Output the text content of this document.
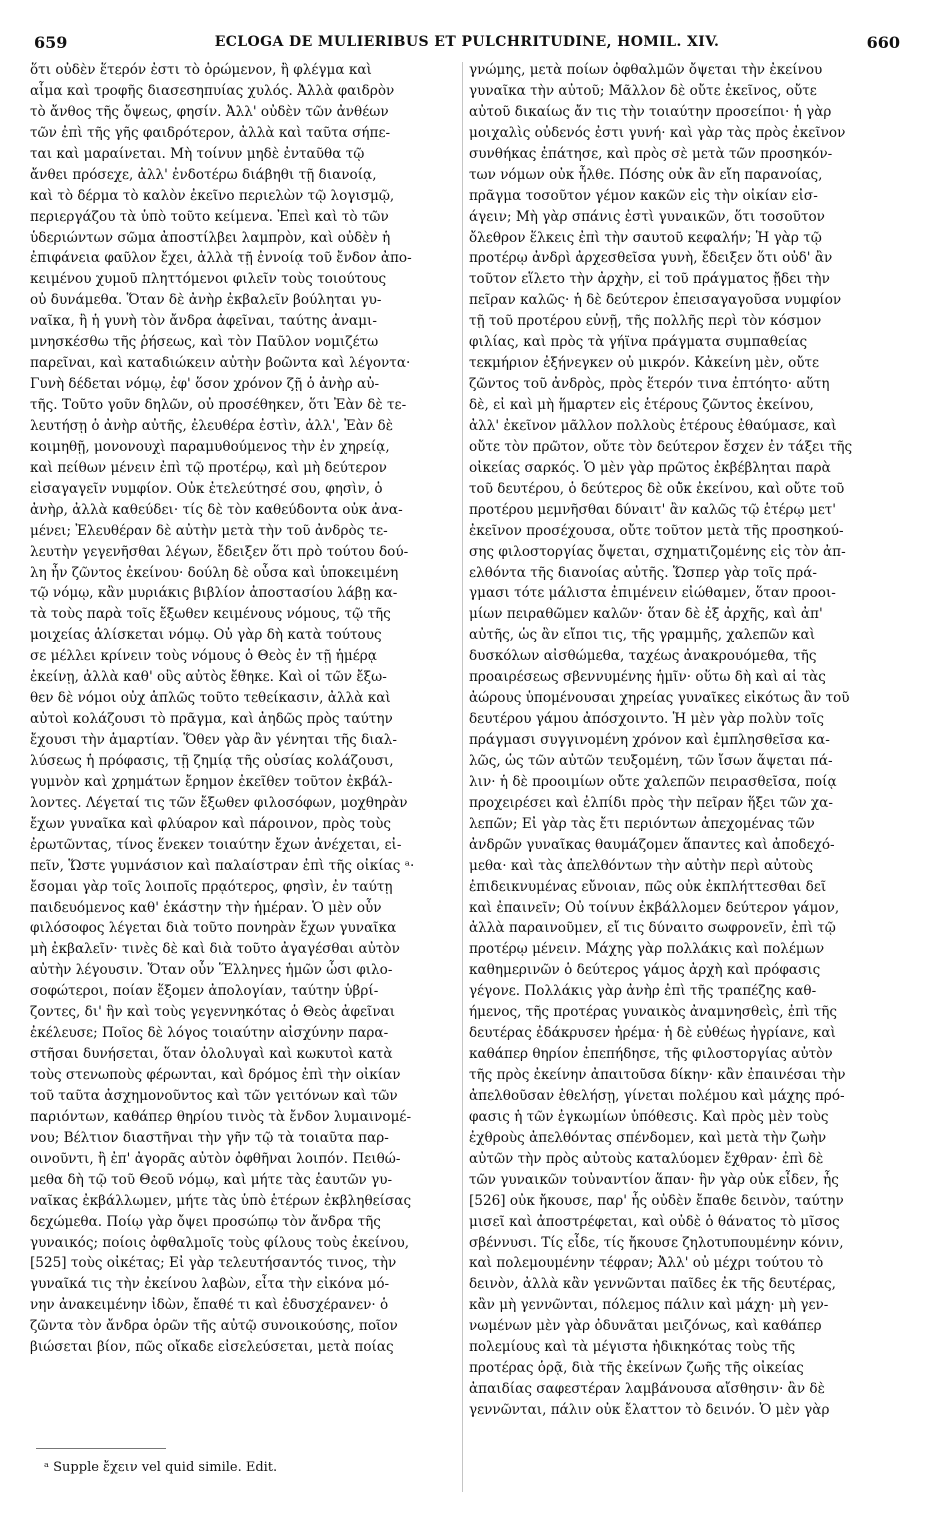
659	ECLOGA DE MULIERIBUS ET PULCHRITUDINE, HOMIL. XIV.	660
ὅτι οὐδὲν ἕτερόν ἐστι τὸ ὁρώμενον, ἢ φλέγμα καὶ
αἷμα καὶ τροφῆς διασεσηπυίας χυλός. Ἀλλὰ φαιδρὸν
τὸ ἄνθος τῆς ὄψεως, φησίν. Ἀλλ' οὐδὲν τῶν ἀνθέων
τῶν ἐπὶ τῆς γῆς φαιδρότερον, ἀλλὰ καὶ ταῦτα σήπε-
ται καὶ μαραίνεται. Μὴ τοίνυν μηδὲ ἐνταῦθα τῷ
ἄνθει πρόσεχε, ἀλλ' ἐνδοτέρω διάβηθι τῇ διανοίᾳ,
καὶ τὸ δέρμα τὸ καλὸν ἐκεῖνο περιελὼν τῷ λογισμῷ,
περιεργάζου τὰ ὑπὸ τοῦτο κείμενα. Ἐπεὶ καὶ τὸ τῶν
ὑδεριώντων σῶμα ἀποστίλβει λαμπρὸν, καὶ οὐδὲν ἡ
ἐπιφάνεια φαῦλον ἔχει, ἀλλὰ τῇ ἐννοίᾳ τοῦ ἔνδον ἀπο-
κειμένου χυμοῦ πληττόμενοι φιλεῖν τοὺς τοιούτους
οὐ δυνάμεθα. Ὅταν δὲ ἀνὴρ ἐκβαλεῖν βούληται γυ-
ναῖκα, ἢ ἡ γυνὴ τὸν ἄνδρα ἀφεῖναι, ταύτης ἀναμι-
μνησκέσθω τῆς ῥήσεως, καὶ τὸν Παῦλον νομιζέτω
παρεῖναι, καὶ καταδιώκειν αὐτὴν βοῶντα καὶ λέγοντα·
Γυνὴ δέδεται νόμῳ, ἐφ' ὅσον χρόνον ζῇ ὁ ἀνὴρ αὐ-
τῆς. Τοῦτο γοῦν δηλῶν, οὐ προσέθηκεν, ὅτι Ἐὰν δὲ τε-
λευτήσῃ ὁ ἀνὴρ αὐτῆς, ἐλευθέρα ἐστὶν, ἀλλ', Ἐὰν δὲ
κοιμηθῇ, μονονουχὶ παραμυθούμενος τὴν ἐν χηρείᾳ,
καὶ πείθων μένειν ἐπὶ τῷ προτέρῳ, καὶ μὴ δεύτερον
εἰσαγαγεῖν νυμφίον. Οὐκ ἐτελεύτησέ σου, φησὶν, ὁ
ἀνὴρ, ἀλλὰ καθεύδει· τίς δὲ τὸν καθεύδοντα οὐκ ἀνα-
μένει; Ἐλευθέραν δὲ αὐτὴν μετὰ τὴν τοῦ ἀνδρὸς τε-
λευτὴν γεγενῆσθαι λέγων, ἔδειξεν ὅτι πρὸ τούτου δού-
λη ἦν ζῶντος ἐκείνου· δούλη δὲ οὖσα καὶ ὑποκειμένη
τῷ νόμῳ, κἂν μυριάκις βιβλίον ἀποστασίου λάβῃ κα-
τὰ τοὺς παρὰ τοῖς ἔξωθεν κειμένους νόμους, τῷ τῆς
μοιχείας ἁλίσκεται νόμῳ. Οὐ γὰρ δὴ κατὰ τούτους
σε μέλλει κρίνειν τοὺς νόμους ὁ Θεὸς ἐν τῇ ἡμέρᾳ
ἐκείνῃ, ἀλλὰ καθ' οὓς αὐτὸς ἔθηκε. Καὶ οἱ τῶν ἔξω-
θεν δὲ νόμοι οὐχ ἁπλῶς τοῦτο τεθείκασιν, ἀλλὰ καὶ
αὐτοὶ κολάζουσι τὸ πρᾶγμα, καὶ ἀηδῶς πρὸς ταύτην
ἔχουσι τὴν ἁμαρτίαν. Ὅθεν γὰρ ἂν γένηται τῆς διαλ-
λύσεως ἡ πρόφασις, τῇ ζημίᾳ τῆς οὐσίας κολάζουσι,
γυμνὸν καὶ χρημάτων ἔρημον ἐκεῖθεν τοῦτον ἐκβάλ-
λοντες. Λέγεταί τις τῶν ἔξωθεν φιλοσόφων, μοχθηρὰν
ἔχων γυναῖκα καὶ φλύαρον καὶ πάροινον, πρὸς τοὺς
ἐρωτῶντας, τίνος ἕνεκεν τοιαύτην ἔχων ἀνέχεται, εἰ-
πεῖν, Ὥστε γυμνάσιον καὶ παλαίστραν ἐπὶ τῆς οἰκίας ᵃ·
ἔσομαι γὰρ τοῖς λοιποῖς πρᾳότερος, φησὶν, ἐν ταύτῃ
παιδευόμενος καθ' ἑκάστην τὴν ἡμέραν. Ὁ μὲν οὖν
φιλόσοφος λέγεται διὰ τοῦτο πονηρὰν ἔχων γυναῖκα
μὴ ἐκβαλεῖν· τινὲς δὲ καὶ διὰ τοῦτο ἀγαγέσθαι αὐτὸν
αὐτὴν λέγουσιν. Ὅταν οὖν Ἕλληνες ἡμῶν ὦσι φιλο-
σοφώτεροι, ποίαν ἕξομεν ἀπολογίαν, ταύτην ὑβρί-
ζοντες, δι' ἣν καὶ τοὺς γεγεννηκότας ὁ Θεὸς ἀφεῖναι
ἐκέλευσε; Ποῖος δὲ λόγος τοιαύτην αἰσχύνην παρα-
στῆσαι δυνήσεται, ὅταν ὀλολυγαὶ καὶ κωκυτοὶ κατὰ
τοὺς στενωποὺς φέρωνται, καὶ δρόμος ἐπὶ τὴν οἰκίαν
τοῦ ταῦτα ἀσχημονοῦντος καὶ τῶν γειτόνων καὶ τῶν
παριόντων, καθάπερ θηρίου τινὸς τὰ ἔνδον λυμαινομέ-
νου; Βέλτιον διαστῆναι τὴν γῆν τῷ τὰ τοιαῦτα παρ-
οινοῦντι, ἢ ἐπ' ἀγορᾶς αὐτὸν ὀφθῆναι λοιπόν. Πειθώ-
μεθα δὴ τῷ τοῦ Θεοῦ νόμῳ, καὶ μήτε τὰς ἑαυτῶν γυ-
ναῖκας ἐκβάλλωμεν, μήτε τὰς ὑπὸ ἑτέρων ἐκβληθείσας
δεχώμεθα. Ποίῳ γὰρ ὄψει προσώπῳ τὸν ἄνδρα τῆς
γυναικός; ποίοις ὀφθαλμοῖς τοὺς φίλους τοὺς ἐκείνου,
[525] τοὺς οἰκέτας; Εἰ γὰρ τελευτήσαντός τινος, τὴν
γυναῖκά τις τὴν ἐκείνου λαβὼν, εἶτα τὴν εἰκόνα μό-
νην ἀνακειμένην ἰδὼν, ἔπαθέ τι καὶ ἐδυσχέρανεν· ὁ
ζῶντα τὸν ἄνδρα ὁρῶν τῆς αὐτῷ συνοικούσης, ποῖον
βιώσεται βίον, πῶς οἴκαδε εἰσελεύσεται, μετὰ ποίας
γνώμης, μετὰ ποίων ὀφθαλμῶν ὄψεται τὴν ἐκείνου
γυναῖκα τὴν αὐτοῦ; Μᾶλλον δὲ οὔτε ἐκεῖνος, οὔτε
αὐτοῦ δικαίως ἄν τις τὴν τοιαύτην προσείποι· ἡ γὰρ
μοιχαλὶς οὐδενός ἐστι γυνή· καὶ γὰρ τὰς πρὸς ἐκεῖνον
συνθήκας ἐπάτησε, καὶ πρὸς σὲ μετὰ τῶν προσηκόν-
των νόμων οὐκ ἦλθε. Πόσης οὐκ ἂν εἴη παρανοίας,
πρᾶγμα τοσοῦτον γέμον κακῶν εἰς τὴν οἰκίαν εἰσ-
άγειν; Μὴ γὰρ σπάνις ἐστὶ γυναικῶν, ὅτι τοσοῦτον
ὄλεθρον ἕλκεις ἐπὶ τὴν σαυτοῦ κεφαλήν; Ἡ γὰρ τῷ
προτέρῳ ἀνδρὶ ἀρχεσθεῖσα γυνὴ, ἔδειξεν ὅτι οὐδ' ἂν
τοῦτον εἵλετο τὴν ἀρχὴν, εἰ τοῦ πράγματος ᾔδει τὴν
πεῖραν καλῶς· ἡ δὲ δεύτερον ἐπεισαγαγοῦσα νυμφίον
τῇ τοῦ προτέρου εὐνῇ, τῆς πολλῆς περὶ τὸν κόσμον
φιλίας, καὶ πρὸς τὰ γήϊνα πράγματα συμπαθείας
τεκμήριον ἐξήνεγκεν οὐ μικρόν. Κἀκείνη μὲν, οὔτε
ζῶντος τοῦ ἀνδρὸς, πρὸς ἕτερόν τινα ἐπτόητο· αὕτη
δὲ, εἰ καὶ μὴ ἥμαρτεν εἰς ἑτέρους ζῶντος ἐκείνου,
ἀλλ' ἐκεῖνον μᾶλλον πολλοὺς ἑτέρους ἐθαύμασε, καὶ
οὔτε τὸν πρῶτον, οὔτε τὸν δεύτερον ἔσχεν ἐν τάξει τῆς
οἰκείας σαρκός. Ὁ μὲν γὰρ πρῶτος ἐκβέβληται παρὰ
τοῦ δευτέρου, ὁ δεύτερος δὲ οὐ̃κ ἐκείνου, καὶ οὔτε τοῦ
προτέρου μεμνῆσθαι δύναιτ' ἂν καλῶς τῷ ἑτέρῳ μετ'
ἐκεῖνον προσέχουσα, οὔτε τοῦτον μετὰ τῆς προσηκού-
σης φιλοστοργίας ὄψεται, σχηματιζομένης εἰς τὸν ἀπ-
ελθόντα τῆς διανοίας αὐτῆς. Ὥσπερ γὰρ τοῖς πρά-
γμασι τότε μάλιστα ἐπιμένειν εἰώθαμεν, ὅταν προοι-
μίων πειραθῶμεν καλῶν· ὅταν δὲ ἐξ ἀρχῆς, καὶ ἀπ'
αὐτῆς, ὡς ἂν εἴποι τις, τῆς γραμμῆς, χαλεπῶν καὶ
δυσκόλων αἰσθώμεθα, ταχέως ἀνακρουόμεθα, τῆς
προαιρέσεως σβεννυμένης ἡμῖν· οὕτω δὴ καὶ αἱ τὰς
ἀώρους ὑπομένουσαι χηρείας γυναῖκες εἰκότως ἂν τοῦ
δευτέρου γάμου ἀπόσχοιντο. Ἡ μὲν γὰρ πολὺν τοῖς
πράγμασι συγγινομένη χρόνον καὶ ἐμπλησθεῖσα κα-
λῶς, ὡς τῶν αὐτῶν τευξομένη, τῶν ἴσων ἅψεται πά-
λιν· ἡ δὲ προοιμίων οὔτε χαλεπῶν πειρασθεῖσα, ποίᾳ
προχειρέσει καὶ ἐλπίδι πρὸς τὴν πεῖραν ἥξει τῶν χα-
λεπῶν; Εἰ γὰρ τὰς ἔτι περιόντων ἀπεχομένας τῶν
ἀνδρῶν γυναῖκας θαυμάζομεν ἅπαντες καὶ ἀποδεχό-
μεθα· καὶ τὰς ἀπελθόντων τὴν αὐτὴν περὶ αὐτοὺς
ἐπιδεικνυμένας εὔνοιαν, πῶς οὐκ ἐκπλήττεσθαι δεῖ
καὶ ἐπαινεῖν; Οὐ τοίνυν ἐκβάλλομεν δεύτερον γάμον,
ἀλλὰ παραινοῦμεν, εἴ τις δύναιτο σωφρονεῖν, ἐπὶ τῷ
προτέρῳ μένειν. Μάχης γὰρ πολλάκις καὶ πολέμων
καθημερινῶν ὁ δεύτερος γάμος ἀρχὴ καὶ πρόφασις
γέγονε. Πολλάκις γὰρ ἀνὴρ ἐπὶ τῆς τραπέζης καθ-
ήμενος, τῆς προτέρας γυναικὸς ἀναμνησθεὶς, ἐπὶ τῆς
δευτέρας ἐδάκρυσεν ἠρέμα· ἡ δὲ εὐθέως ἠγρίανε, καὶ
καθάπερ θηρίον ἐπεπήδησε, τῆς φιλοστοργίας αὐτὸν
τῆς πρὸς ἐκείνην ἀπαιτοῦσα δίκην· κἂν ἐπαινέσαι τὴν
ἀπελθοῦσαν ἐθελήσῃ, γίνεται πολέμου καὶ μάχης πρό-
φασις ἡ τῶν ἐγκωμίων ὑπόθεσις. Καὶ πρὸς μὲν τοὺς
ἐχθροὺς ἀπελθόντας σπένδομεν, καὶ μετὰ τὴν ζωὴν
αὐτῶν τὴν πρὸς αὐτοὺς καταλύομεν ἔχθραν· ἐπὶ δὲ
τῶν γυναικῶν τοὐναντίον ἅπαν· ἣν γὰρ οὐκ εἶδεν, ἧς
[526] οὐκ ἤκουσε, παρ' ἧς οὐδὲν ἔπαθε δεινὸν, ταύτην
μισεῖ καὶ ἀποστρέφεται, καὶ οὐδὲ ὁ θάνατος τὸ μῖσος
σβέννυσι. Τίς εἶδε, τίς ἤκουσε ζηλοτυπουμένην κόνιν,
καὶ πολεμουμένην τέφραν; Ἀλλ' οὐ μέχρι τούτου τὸ
δεινὸν, ἀλλὰ κἂν γεννῶνται παῖδες ἐκ τῆς δευτέρας,
κἂν μὴ γεννῶνται, πόλεμος πάλιν καὶ μάχη· μὴ γεν-
νωμένων μὲν γὰρ ὀδυνᾶται μειζόνως, καὶ καθάπερ
πολεμίους καὶ τὰ μέγιστα ἠδικηκότας τοὺς τῆς
προτέρας ὁρᾷ, διὰ τῆς ἐκείνων ζωῆς τῆς οἰκείας
ἀπαιδίας σαφεστέραν λαμβάνουσα αἴσθησιν· ἂν δὲ
γεννῶνται, πάλιν οὐκ ἔλαττον τὸ δεινόν. Ὁ μὲν γὰρ
ᵃ Supple ἔχειν vel quid simile. Edit.
